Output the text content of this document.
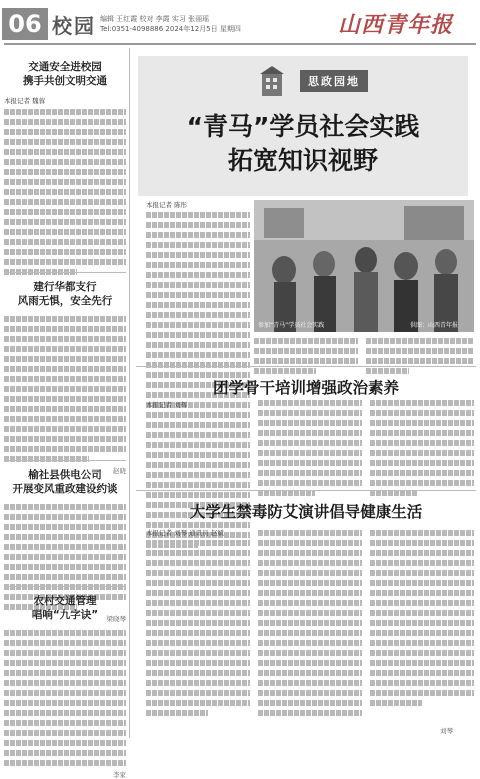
06 校园 编辑 王红霞 校对 李霞 实习 张丽瑶
Tel:0351-4098886 2024年12月5日 星期四	山西青年报
交通安全进校园
携手共创文明交通
本报记者 魏蓉
建行华都支行
风雨无惧，安全先行
赵晓
榆社县供电公司
开展变风重政建设约谈
梁晓琴
农村交通管理
唱响“九字诀”
李家
思政园地
“青马”学员社会实践
拓宽知识视野
本报记者 陈彤
参加“青马”学员社会实践	供图：山西青年报
团学骨干培训增强政治素养
本报记者 刘辉
大学生禁毒防艾演讲倡导健康生活
本报记者 刘琴 通讯员 赵斌
刘琴
